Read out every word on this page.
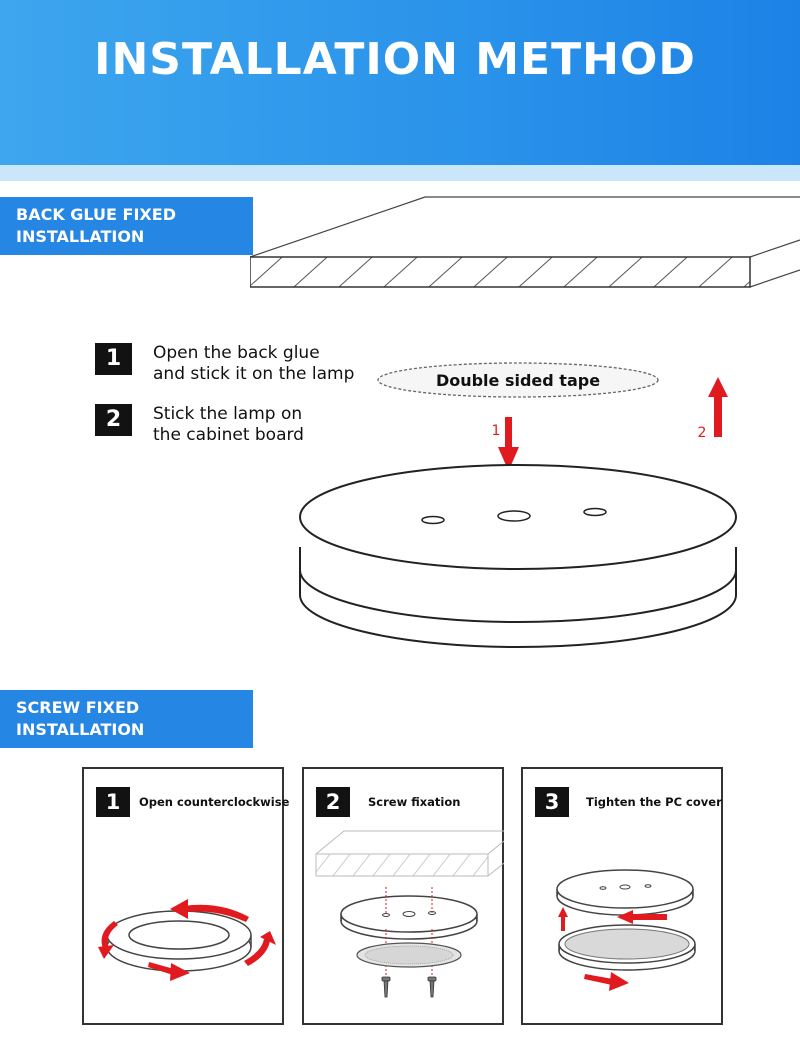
INSTALLATION METHOD
BACK GLUE FIXED
INSTALLATION
1	Open the back glue
and stick it on the lamp
2	Stick the lamp on
the cabinet board
Double sided tape
1	2
SCREW FIXED
INSTALLATION
1	Open counterclockwise	2	Screw fixation	3	Tighten the PC cover
